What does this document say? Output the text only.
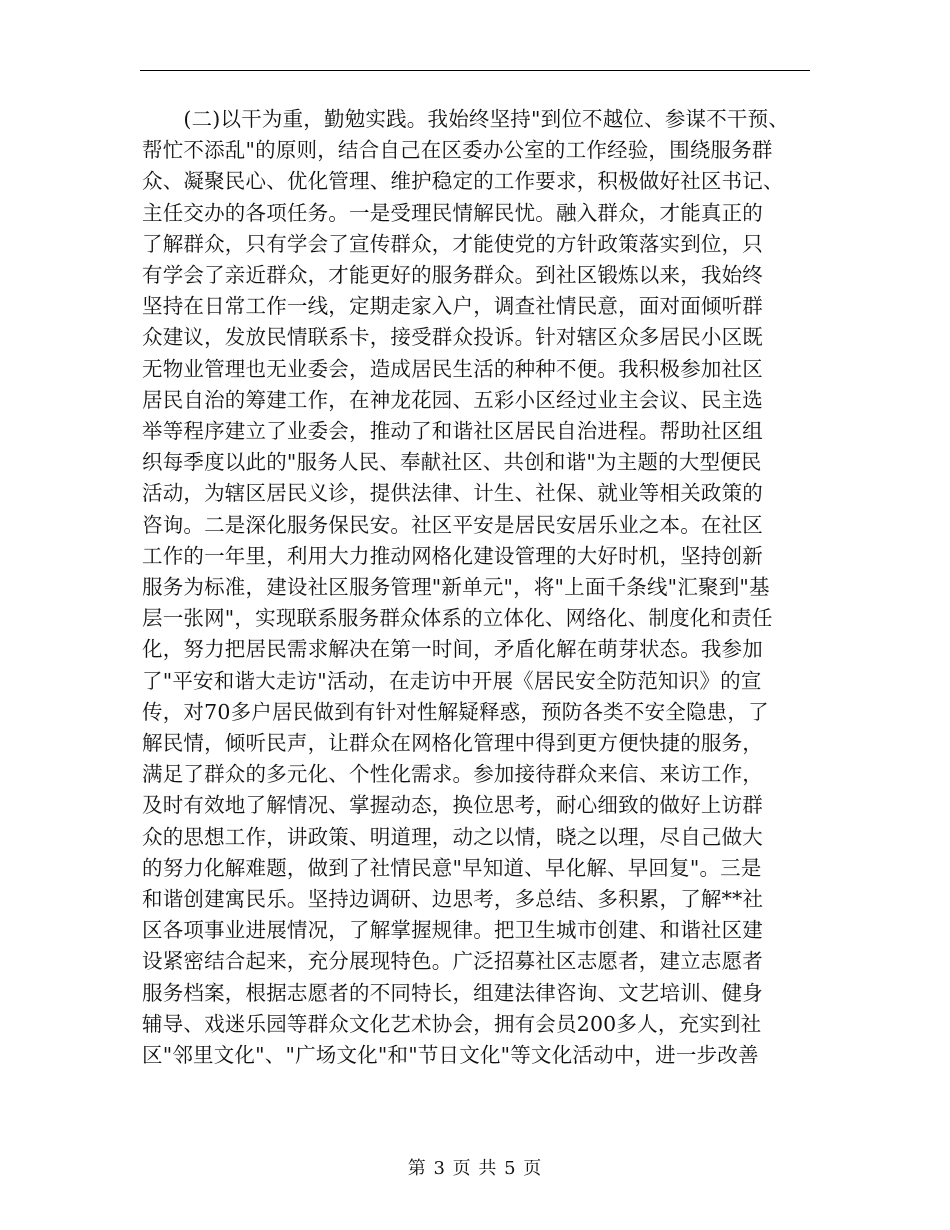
　　(二)以干为重，勤勉实践。我始终坚持"到位不越位、参谋不干预、
帮忙不添乱"的原则，结合自己在区委办公室的工作经验，围绕服务群
众、凝聚民心、优化管理、维护稳定的工作要求，积极做好社区书记、
主任交办的各项任务。一是受理民情解民忧。融入群众，才能真正的
了解群众，只有学会了宣传群众，才能使党的方针政策落实到位，只
有学会了亲近群众，才能更好的服务群众。到社区锻炼以来，我始终
坚持在日常工作一线，定期走家入户，调查社情民意，面对面倾听群
众建议，发放民情联系卡，接受群众投诉。针对辖区众多居民小区既
无物业管理也无业委会，造成居民生活的种种不便。我积极参加社区
居民自治的筹建工作，在神龙花园、五彩小区经过业主会议、民主选
举等程序建立了业委会，推动了和谐社区居民自治进程。帮助社区组
织每季度以此的"服务人民、奉献社区、共创和谐"为主题的大型便民
活动，为辖区居民义诊，提供法律、计生、社保、就业等相关政策的
咨询。二是深化服务保民安。社区平安是居民安居乐业之本。在社区
工作的一年里，利用大力推动网格化建设管理的大好时机，坚持创新
服务为标准，建设社区服务管理"新单元"，将"上面千条线"汇聚到"基
层一张网"，实现联系服务群众体系的立体化、网络化、制度化和责任
化，努力把居民需求解决在第一时间，矛盾化解在萌芽状态。我参加
了"平安和谐大走访"活动，在走访中开展《居民安全防范知识》的宣
传，对70多户居民做到有针对性解疑释惑，预防各类不安全隐患，了
解民情，倾听民声，让群众在网格化管理中得到更方便快捷的服务，
满足了群众的多元化、个性化需求。参加接待群众来信、来访工作，
及时有效地了解情况、掌握动态，换位思考，耐心细致的做好上访群
众的思想工作，讲政策、明道理，动之以情，晓之以理，尽自己做大
的努力化解难题，做到了社情民意"早知道、早化解、早回复"。三是
和谐创建寓民乐。坚持边调研、边思考，多总结、多积累，了解**社
区各项事业进展情况，了解掌握规律。把卫生城市创建、和谐社区建
设紧密结合起来，充分展现特色。广泛招募社区志愿者，建立志愿者
服务档案，根据志愿者的不同特长，组建法律咨询、文艺培训、健身
辅导、戏迷乐园等群众文化艺术协会，拥有会员200多人，充实到社
区"邻里文化"、"广场文化"和"节日文化"等文化活动中，进一步改善
第 3 页 共 5 页
